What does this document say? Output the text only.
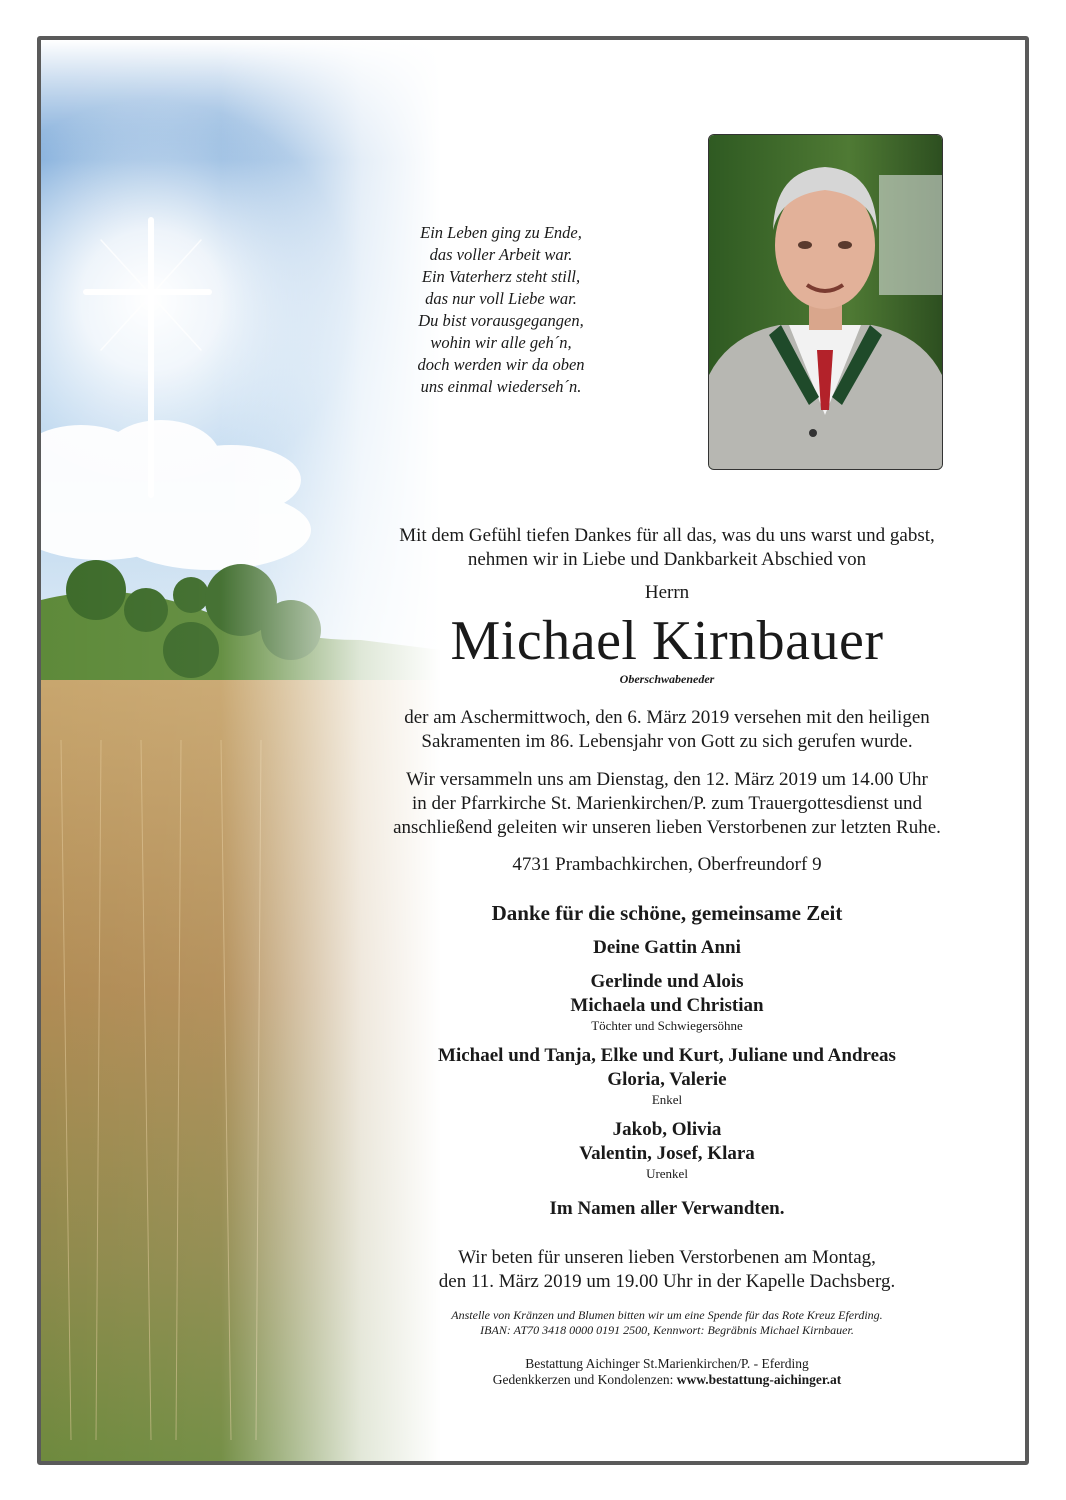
Ein Leben ging zu Ende,
das voller Arbeit war.
Ein Vaterherz steht still,
das nur voll Liebe war.
Du bist vorausgegangen,
wohin wir alle geh´n,
doch werden wir da oben
uns einmal wiederseh´n.
Mit dem Gefühl tiefen Dankes für all das, was du uns warst und gabst,
nehmen wir in Liebe und Dankbarkeit Abschied von
Herrn
Michael Kirnbauer
Oberschwabeneder
der am Aschermittwoch, den 6. März 2019 versehen mit den heiligen
Sakramenten im 86. Lebensjahr von Gott zu sich gerufen wurde.
Wir versammeln uns am Dienstag, den 12. März 2019 um 14.00 Uhr
in der Pfarrkirche St. Marienkirchen/P. zum Trauergottesdienst und
anschließend geleiten wir unseren lieben Verstorbenen zur letzten Ruhe.
4731 Prambachkirchen, Oberfreundorf 9
Danke für die schöne, gemeinsame Zeit
Deine Gattin Anni
Gerlinde und Alois
Michaela und Christian
Töchter und Schwiegersöhne
Michael und Tanja, Elke und Kurt, Juliane und Andreas
Gloria, Valerie
Enkel
Jakob, Olivia
Valentin, Josef, Klara
Urenkel
Im Namen aller Verwandten.
Wir beten für unseren lieben Verstorbenen am Montag,
den 11. März 2019 um 19.00 Uhr in der Kapelle Dachsberg.
Anstelle von Kränzen und Blumen bitten wir um eine Spende für das Rote Kreuz Eferding.
IBAN: AT70 3418 0000 0191 2500, Kennwort: Begräbnis Michael Kirnbauer.
Bestattung Aichinger St.Marienkirchen/P. - Eferding
Gedenkkerzen und Kondolenzen: www.bestattung-aichinger.at
